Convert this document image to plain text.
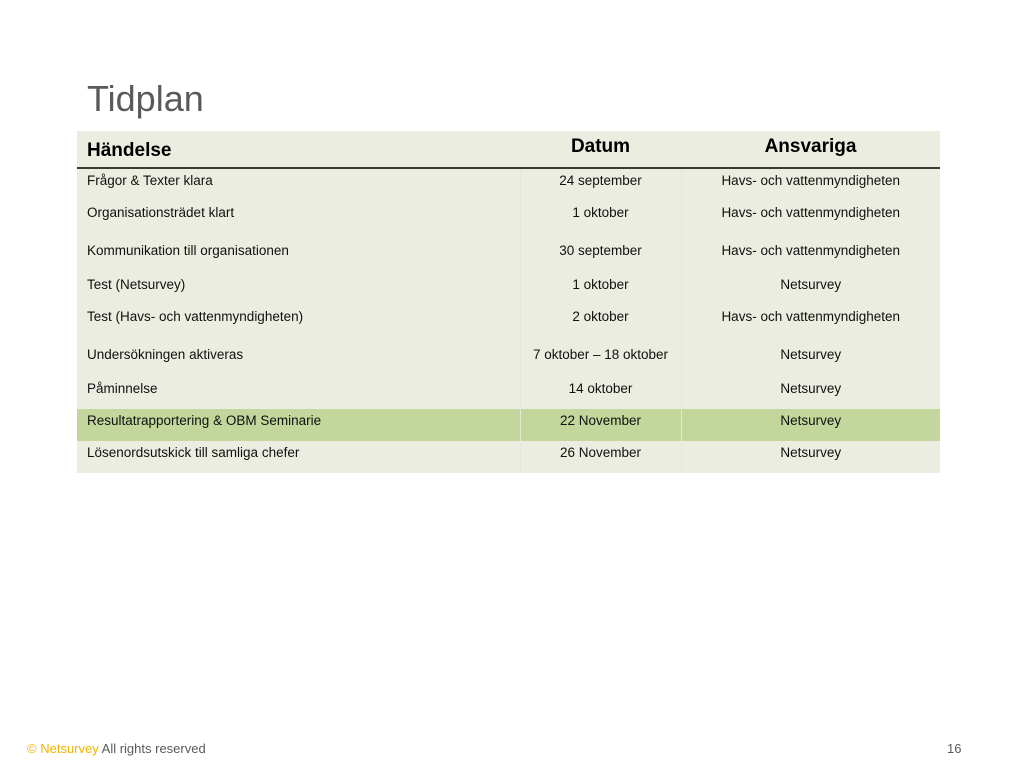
Tidplan
Händelse	Datum	Ansvariga

Frågor & Texter klara	24 september	Havs- och vattenmyndigheten

Organisationsträdet klart	1 oktober	Havs- och vattenmyndigheten

Kommunikation till organisationen	30 september	Havs- och vattenmyndigheten

Test (Netsurvey)	1 oktober	Netsurvey

Test (Havs- och vattenmyndigheten)	2 oktober	Havs- och vattenmyndigheten

Undersökningen aktiveras	7 oktober – 18 oktober	Netsurvey

Påminnelse	14 oktober	Netsurvey

Resultatrapportering & OBM Seminarie	22 November	Netsurvey

Lösenordsutskick till samliga chefer	26 November	Netsurvey
© Netsurvey All rights reserved	16
